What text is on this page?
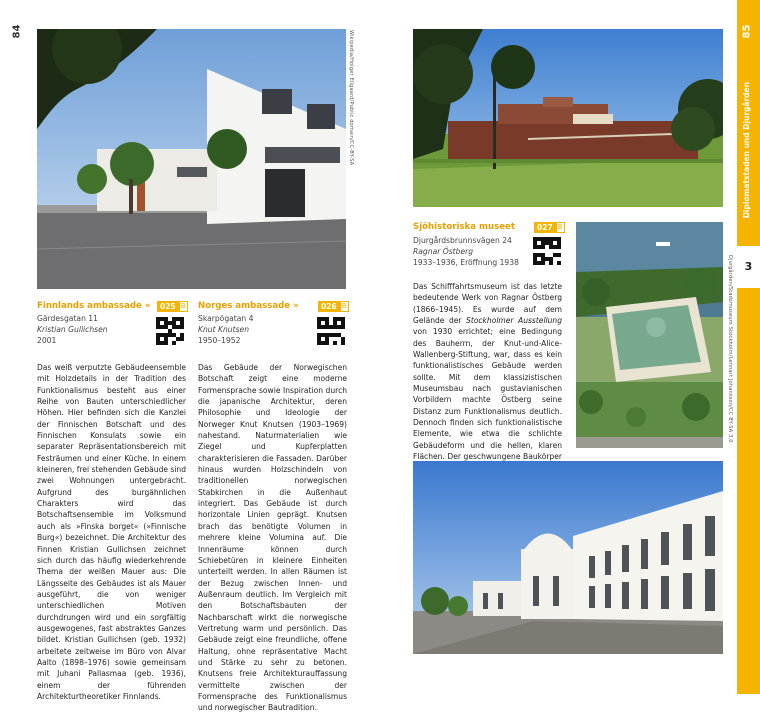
84	Wikipedia/Holger Ellgaard/Public domain/CC-BY-SA
Finnlands ambassade »	025 B
Gärdesgatan 11
Kristian Gullichsen
2001
Das weiß verputzte Gebäudeensemble mit Holzdetails in der Tradition des Funktionalismus besteht aus einer Reihe von Bauten unterschiedlicher Höhen. Hier befinden sich die Kanzlei der Finnischen Botschaft und des Finnischen Konsulats sowie ein separater Repräsentationsbereich mit Festräumen und einer Küche. In einem kleineren, frei stehenden Gebäude sind zwei Wohnungen untergebracht. Aufgrund des burgähnlichen Charakters wird das Botschaftsensemble im Volksmund auch als »Finska borget« (»Finnische Burg«) bezeichnet. Die Architektur des Finnen Kristian Gullichsen zeichnet sich durch das häufig wiederkehrende Thema der weißen Mauer aus: Die Längsseite des Gebäudes ist als Mauer ausgeführt, die von weniger unterschiedlichen Motiven durchdrungen wird und ein sorgfältig ausgewogenes, fast abstraktes Ganzes bildet. Kristian Gullichsen (geb. 1932) arbeitete zeitweise im Büro von Alvar Aalto (1898–1976) sowie gemeinsam mit Juhani Pallasmaa (geb. 1936), einem der führenden Architekturtheoretiker Finnlands.
Norges ambassade »	026 B
Skarpögatan 4
Knut Knutsen
1950–1952
Das Gebäude der Norwegischen Botschaft zeigt eine moderne Formensprache sowie Inspiration durch die japanische Architektur, deren Philosophie und Ideologie der Norweger Knut Knutsen (1903–1969) nahestand. Naturmaterialien wie Ziegel und Kupferplatten charakterisieren die Fassaden. Darüber hinaus wurden Holzschindeln von traditionellen norwegischen Stabkirchen in die Außenhaut integriert. Das Gebäude ist durch horizontale Linien geprägt. Knutsen brach das benötigte Volumen in mehrere kleine Volumina auf. Die Innenräume können durch Schiebetüren in kleinere Einheiten unterteilt werden. In allen Räumen ist der Bezug zwischen Innen- und Außenraum deutlich. Im Vergleich mit den Botschaftsbauten der Nachbarschaft wirkt die norwegische Vertretung warm und persönlich. Das Gebäude zeigt eine freundliche, offene Haltung, ohne repräsentative Macht und Stärke zu sehr zu betonen. Knutsens freie Architekturauffassung vermittelte zwischen der Formensprache des Funktionalismus und norwegischer Bautradition.
Sjöhistoriska museet	027 B
Djurgårdsbrunnsvägen 24
Ragnar Östberg
1933–1936, Eröffnung 1938
Das Schifffahrtsmuseum ist das letzte bedeutende Werk von Ragnar Östberg (1866–1945). Es wurde auf dem Gelände der Stockholmer Ausstellung von 1930 errichtet; eine Bedingung des Bauherrn, der Knut-und-Alice-Wallenberg-Stiftung, war, dass es kein funktionalistisches Gebäude werden sollte. Mit dem klassizistischen Museumsbau nach gustavianischen Vorbildern machte Östberg seine Distanz zum Funktionalismus deutlich. Dennoch finden sich funktionalistische Elemente, wie etwa die schlichte Gebäudeform und die hellen, klaren Flächen. Der geschwungene Baukörper
Djurgården/Stadsmuseum Stockholm/Lennart Johansson/CC BY-SA 3.0
85
Diplomatstaden und Djurgården
3
